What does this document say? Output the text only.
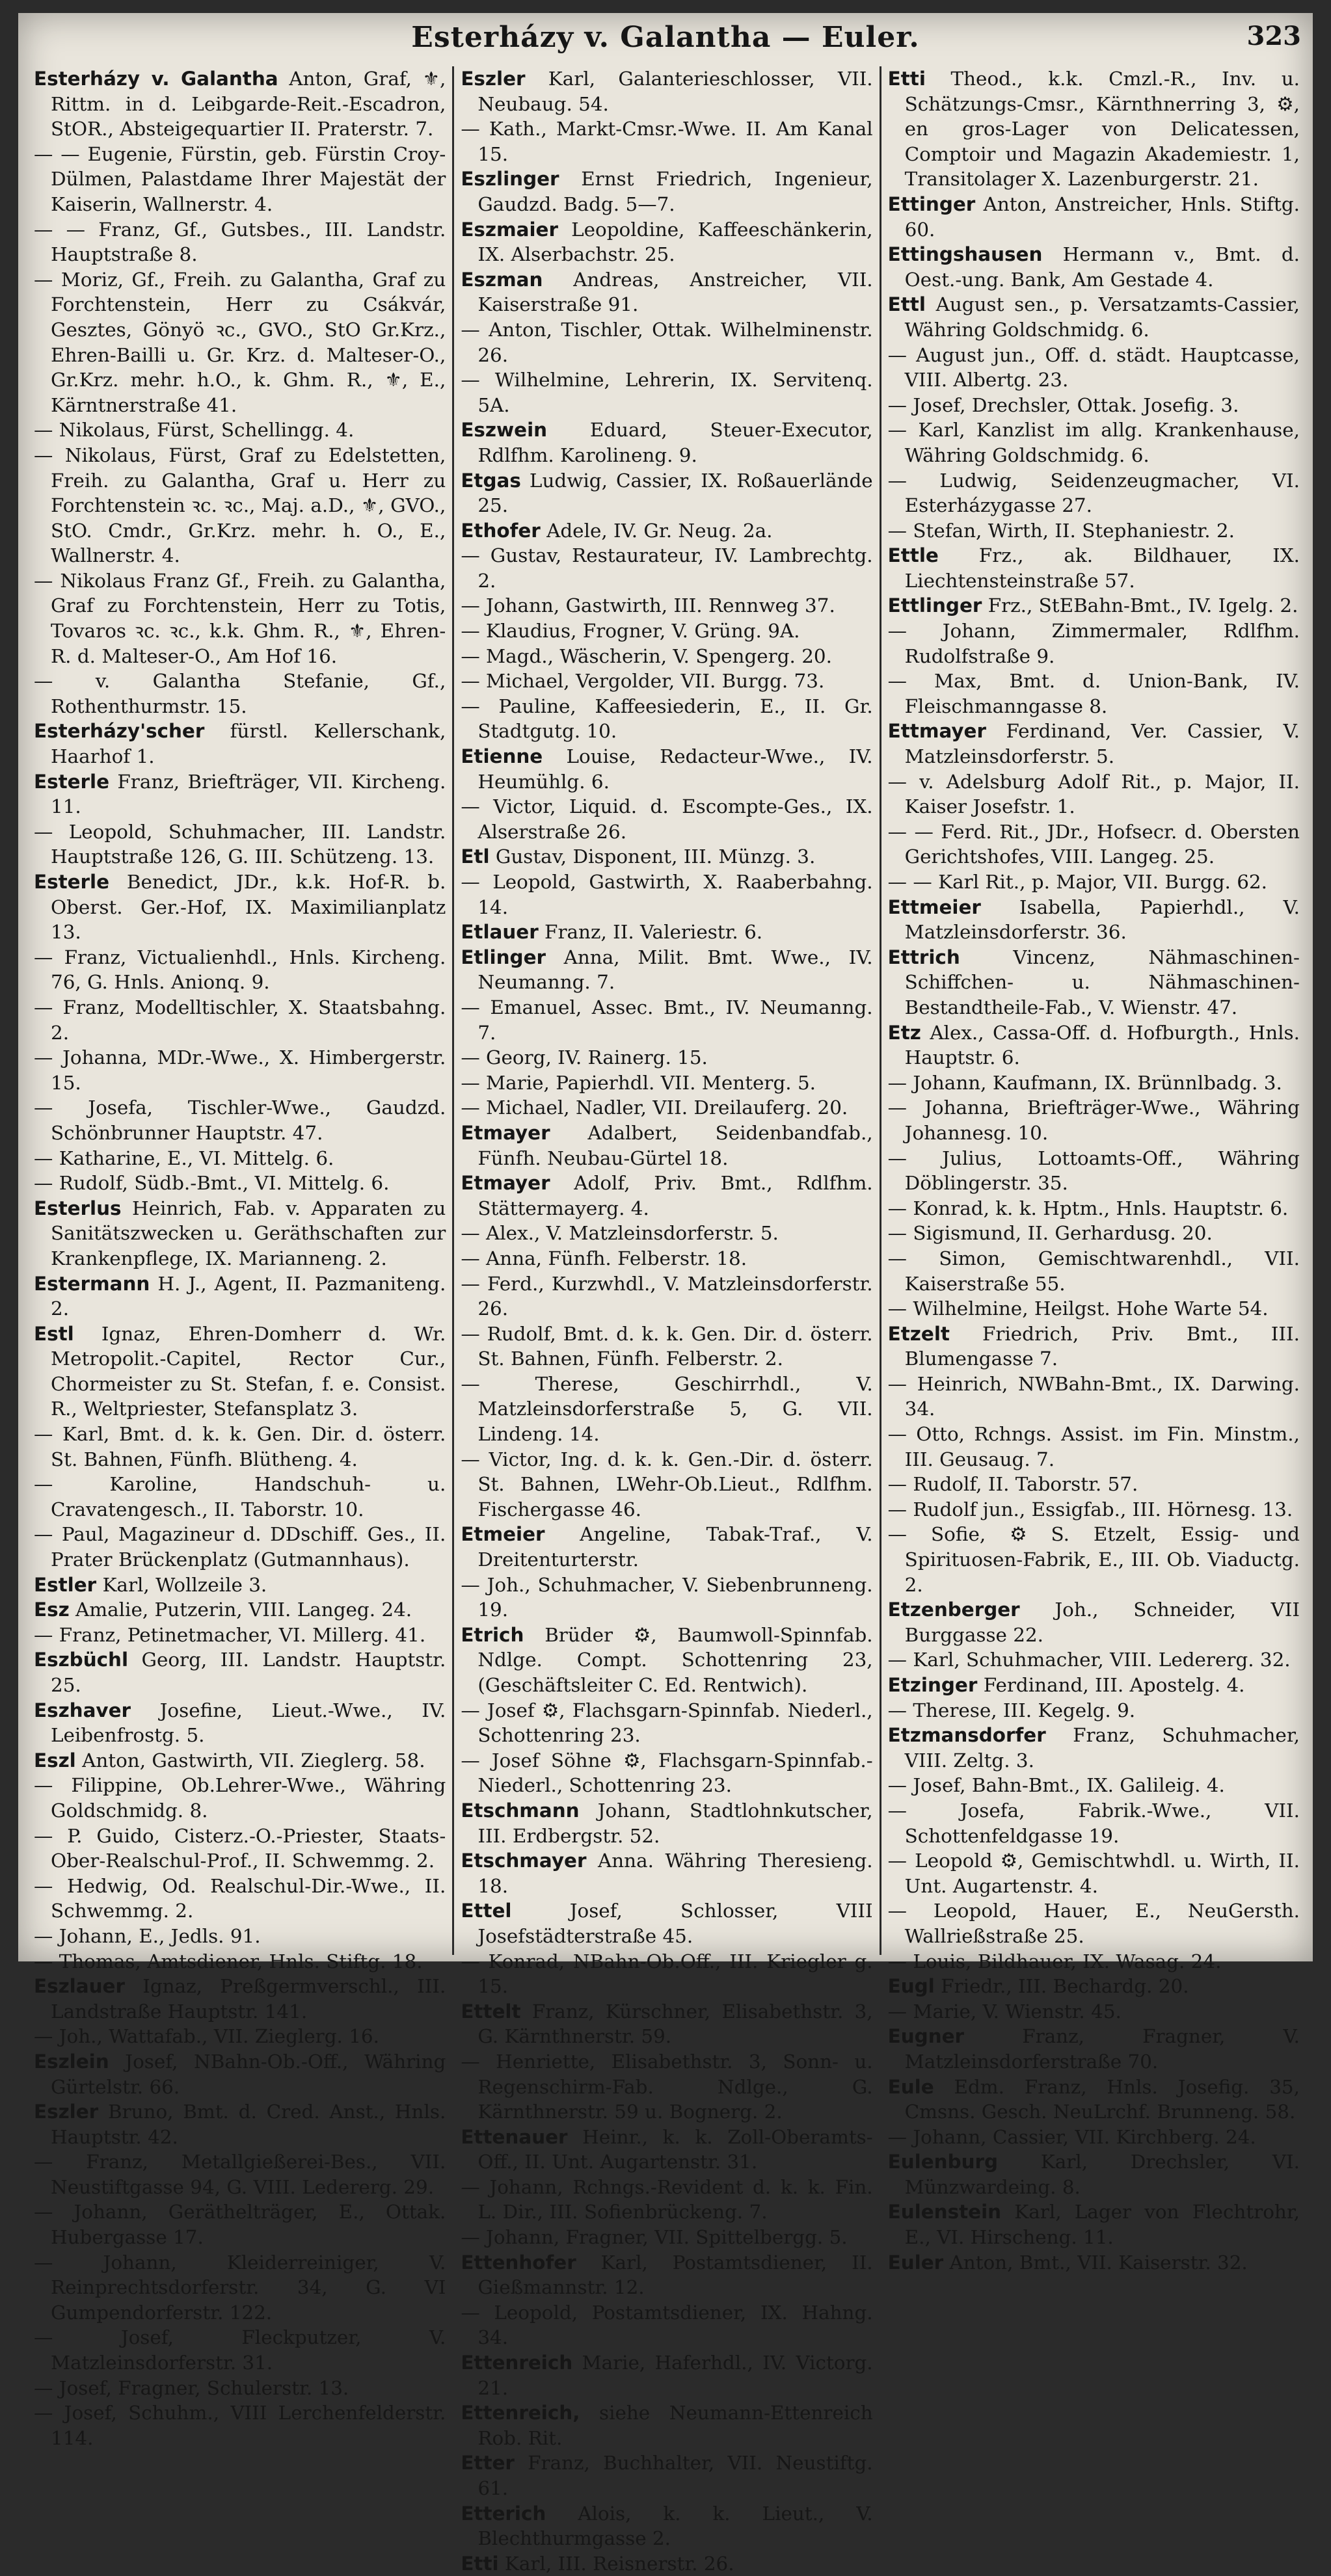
Esterházy v. Galantha — Euler.	323

Esterházy v. Galantha Anton, Graf, ⚜, Rittm. in d. Leibgarde-Reit.-Escadron, StOR., Absteigequartier II. Praterstr. 7.

— — Eugenie, Fürstin, geb. Fürstin Croy-Dülmen, Palastdame Ihrer Majestät der Kaiserin, Wallnerstr. 4.

— — Franz, Gf., Gutsbes., III. Landstr. Hauptstraße 8.

— Moriz, Gf., Freih. zu Galantha, Graf zu Forchtenstein, Herr zu Csákvár, Gesztes, Gönyö ꝛc., GVO., StO Gr.Krz., Ehren-Bailli u. Gr. Krz. d. Malteser-O., Gr.Krz. mehr. h.O., k. Ghm. R., ⚜, E., Kärntnerstraße 41.

— Nikolaus, Fürst, Schellingg. 4.

— Nikolaus, Fürst, Graf zu Edelstetten, Freih. zu Galantha, Graf u. Herr zu Forchtenstein ꝛc. ꝛc., Maj. a.D., ⚜, GVO., StO. Cmdr., Gr.Krz. mehr. h. O., E., Wallnerstr. 4.

— Nikolaus Franz Gf., Freih. zu Galantha, Graf zu Forchtenstein, Herr zu Totis, Tovaros ꝛc. ꝛc., k.k. Ghm. R., ⚜, Ehren-R. d. Malteser-O., Am Hof 16.

— v. Galantha Stefanie, Gf., Rothenthurmstr. 15.

Esterházy'scher fürstl. Kellerschank, Haarhof 1.

Esterle Franz, Briefträger, VII. Kircheng. 11.

— Leopold, Schuhmacher, III. Landstr. Hauptstraße 126, G. III. Schützeng. 13.

Esterle Benedict, JDr., k.k. Hof-R. b. Oberst. Ger.-Hof, IX. Maximilianplatz 13.

— Franz, Victualienhdl., Hnls. Kircheng. 76, G. Hnls. Anionq. 9.

— Franz, Modelltischler, X. Staatsbahng. 2.

— Johanna, MDr.-Wwe., X. Himbergerstr. 15.

— Josefa, Tischler-Wwe., Gaudzd. Schönbrunner Hauptstr. 47.

— Katharine, E., VI. Mittelg. 6.

— Rudolf, Südb.-Bmt., VI. Mittelg. 6.

Esterlus Heinrich, Fab. v. Apparaten zu Sanitätszwecken u. Geräthschaften zur Krankenpflege, IX. Marianneng. 2.

Estermann H. J., Agent, II. Pazmaniteng. 2.

Estl Ignaz, Ehren-Domherr d. Wr. Metropolit.-Capitel, Rector Cur., Chormeister zu St. Stefan, f. e. Consist. R., Weltpriester, Stefansplatz 3.

— Karl, Bmt. d. k. k. Gen. Dir. d. österr. St. Bahnen, Fünfh. Blütheng. 4.

— Karoline, Handschuh- u. Cravatengesch., II. Taborstr. 10.

— Paul, Magazineur d. DDschiff. Ges., II. Prater Brückenplatz (Gutmannhaus).

Estler Karl, Wollzeile 3.

Esz Amalie, Putzerin, VIII. Langeg. 24.

— Franz, Petinetmacher, VI. Millerg. 41.

Eszbüchl Georg, III. Landstr. Hauptstr. 25.

Eszhaver Josefine, Lieut.-Wwe., IV. Leibenfrostg. 5.

Eszl Anton, Gastwirth, VII. Zieglerg. 58.

— Filippine, Ob.Lehrer-Wwe., Währing Goldschmidg. 8.

— P. Guido, Cisterz.-O.-Priester, Staats-Ober-Realschul-Prof., II. Schwemmg. 2.

— Hedwig, Od. Realschul-Dir.-Wwe., II. Schwemmg. 2.

— Johann, E., Jedls. 91.

— Thomas, Amtsdiener, Hnls. Stiftg. 18.

Eszlauer Ignaz, Preßgermverschl., III. Landstraße Hauptstr. 141.

— Joh., Wattafab., VII. Zieglerg. 16.

Eszlein Josef, NBahn-Ob.-Off., Währing Gürtelstr. 66.

Eszler Bruno, Bmt. d. Cred. Anst., Hnls. Hauptstr. 42.

— Franz, Metallgießerei-Bes., VII. Neustiftgasse 94, G. VIII. Ledererg. 29.

— Johann, Geräthelträger, E., Ottak. Hubergasse 17.

— Johann, Kleiderreiniger, V. Reinprechtsdorferstr. 34, G. VI Gumpendorferstr. 122.

— Josef, Fleckputzer, V. Matzleinsdorferstr. 31.

— Josef, Fragner, Schulerstr. 13.

— Josef, Schuhm., VIII Lerchenfelderstr. 114.

Eszler Karl, Galanterieschlosser, VII. Neubaug. 54.

— Kath., Markt-Cmsr.-Wwe. II. Am Kanal 15.

Eszlinger Ernst Friedrich, Ingenieur, Gaudzd. Badg. 5—7.

Eszmaier Leopoldine, Kaffeeschänkerin, IX. Alserbachstr. 25.

Eszman Andreas, Anstreicher, VII. Kaiserstraße 91.

— Anton, Tischler, Ottak. Wilhelminenstr. 26.

— Wilhelmine, Lehrerin, IX. Servitenq. 5A.

Eszwein Eduard, Steuer-Executor, Rdlfhm. Karolineng. 9.

Etgas Ludwig, Cassier, IX. Roßauerlände 25.

Ethofer Adele, IV. Gr. Neug. 2a.

— Gustav, Restaurateur, IV. Lambrechtg. 2.

— Johann, Gastwirth, III. Rennweg 37.

— Klaudius, Frogner, V. Grüng. 9A.

— Magd., Wäscherin, V. Spengerg. 20.

— Michael, Vergolder, VII. Burgg. 73.

— Pauline, Kaffeesiederin, E., II. Gr. Stadtgutg. 10.

Etienne Louise, Redacteur-Wwe., IV. Heumühlg. 6.

— Victor, Liquid. d. Escompte-Ges., IX. Alserstraße 26.

Etl Gustav, Disponent, III. Münzg. 3.

— Leopold, Gastwirth, X. Raaberbahng. 14.

Etlauer Franz, II. Valeriestr. 6.

Etlinger Anna, Milit. Bmt. Wwe., IV. Neumanng. 7.

— Emanuel, Assec. Bmt., IV. Neumanng. 7.

— Georg, IV. Rainerg. 15.

— Marie, Papierhdl. VII. Menterg. 5.

— Michael, Nadler, VII. Dreilauferg. 20.

Etmayer Adalbert, Seidenbandfab., Fünfh. Neubau-Gürtel 18.

Etmayer Adolf, Priv. Bmt., Rdlfhm. Stättermayerg. 4.

— Alex., V. Matzleinsdorferstr. 5.

— Anna, Fünfh. Felberstr. 18.

— Ferd., Kurzwhdl., V. Matzleinsdorferstr. 26.

— Rudolf, Bmt. d. k. k. Gen. Dir. d. österr. St. Bahnen, Fünfh. Felberstr. 2.

— Therese, Geschirrhdl., V. Matzleinsdorferstraße 5, G. VII. Lindeng. 14.

— Victor, Ing. d. k. k. Gen.-Dir. d. österr. St. Bahnen, LWehr-Ob.Lieut., Rdlfhm. Fischergasse 46.

Etmeier Angeline, Tabak-Traf., V. Dreitenturterstr.

— Joh., Schuhmacher, V. Siebenbrunneng. 19.

Etrich Brüder ⚙, Baumwoll-Spinnfab. Ndlge. Compt. Schottenring 23, (Geschäftsleiter C. Ed. Rentwich).

— Josef ⚙, Flachsgarn-Spinnfab. Niederl., Schottenring 23.

— Josef Söhne ⚙, Flachsgarn-Spinnfab.-Niederl., Schottenring 23.

Etschmann Johann, Stadtlohnkutscher, III. Erdbergstr. 52.

Etschmayer Anna. Währing Theresieng. 18.

Ettel Josef, Schlosser, VIII Josefstädterstraße 45.

— Konrad, NBahn-Ob.Off., III. Kriegler g. 15.

Ettelt Franz, Kürschner, Elisabethstr. 3, G. Kärnthnerstr. 59.

— Henriette, Elisabethstr. 3, Sonn- u. Regenschirm-Fab. Ndlge., G. Kärnthnerstr. 59 u. Bognerg. 2.

Ettenauer Heinr., k. k. Zoll-Oberamts-Off., II. Unt. Augartenstr. 31.

— Johann, Rchngs.-Revident d. k. k. Fin. L. Dir., III. Sofienbrückeng. 7.

— Johann, Fragner, VII. Spittelbergg. 5.

Ettenhofer Karl, Postamtsdiener, II. Gießmannstr. 12.

— Leopold, Postamtsdiener, IX. Hahng. 34.

Ettenreich Marie, Haferhdl., IV. Victorg. 21.

Ettenreich, siehe Neumann-Ettenreich Rob. Rit.

Etter Franz, Buchhalter, VII. Neustiftg. 61.

Etterich Alois, k. k. Lieut., V. Blechthurmgasse 2.

Etti Karl, III. Reisnerstr. 26.

Etti Theod., k.k. Cmzl.-R., Inv. u. Schätzungs-Cmsr., Kärnthnerring 3, ⚙, en gros-Lager von Delicatessen, Comptoir und Magazin Akademiestr. 1, Transitolager X. Lazenburgerstr. 21.

Ettinger Anton, Anstreicher, Hnls. Stiftg. 60.

Ettingshausen Hermann v., Bmt. d. Oest.-ung. Bank, Am Gestade 4.

Ettl August sen., p. Versatzamts-Cassier, Währing Goldschmidg. 6.

— August jun., Off. d. städt. Hauptcasse, VIII. Albertg. 23.

— Josef, Drechsler, Ottak. Josefig. 3.

— Karl, Kanzlist im allg. Krankenhause, Währing Goldschmidg. 6.

— Ludwig, Seidenzeugmacher, VI. Esterházygasse 27.

— Stefan, Wirth, II. Stephaniestr. 2.

Ettle Frz., ak. Bildhauer, IX. Liechtensteinstraße 57.

Ettlinger Frz., StEBahn-Bmt., IV. Igelg. 2.

— Johann, Zimmermaler, Rdlfhm. Rudolfstraße 9.

— Max, Bmt. d. Union-Bank, IV. Fleischmanngasse 8.

Ettmayer Ferdinand, Ver. Cassier, V. Matzleinsdorferstr. 5.

— v. Adelsburg Adolf Rit., p. Major, II. Kaiser Josefstr. 1.

— — Ferd. Rit., JDr., Hofsecr. d. Obersten Gerichtshofes, VIII. Langeg. 25.

— — Karl Rit., p. Major, VII. Burgg. 62.

Ettmeier Isabella, Papierhdl., V. Matzleinsdorferstr. 36.

Ettrich Vincenz, Nähmaschinen-Schiffchen- u. Nähmaschinen-Bestandtheile-Fab., V. Wienstr. 47.

Etz Alex., Cassa-Off. d. Hofburgth., Hnls. Hauptstr. 6.

— Johann, Kaufmann, IX. Brünnlbadg. 3.

— Johanna, Briefträger-Wwe., Währing Johannesg. 10.

— Julius, Lottoamts-Off., Währing Döblingerstr. 35.

— Konrad, k. k. Hptm., Hnls. Hauptstr. 6.

— Sigismund, II. Gerhardusg. 20.

— Simon, Gemischtwarenhdl., VII. Kaiserstraße 55.

— Wilhelmine, Heilgst. Hohe Warte 54.

Etzelt Friedrich, Priv. Bmt., III. Blumengasse 7.

— Heinrich, NWBahn-Bmt., IX. Darwing. 34.

— Otto, Rchngs. Assist. im Fin. Minstm., III. Geusaug. 7.

— Rudolf, II. Taborstr. 57.

— Rudolf jun., Essigfab., III. Hörnesg. 13.

— Sofie, ⚙ S. Etzelt, Essig- und Spirituosen-Fabrik, E., III. Ob. Viaductg. 2.

Etzenberger Joh., Schneider, VII Burggasse 22.

— Karl, Schuhmacher, VIII. Ledererg. 32.

Etzinger Ferdinand, III. Apostelg. 4.

— Therese, III. Kegelg. 9.

Etzmansdorfer Franz, Schuhmacher, VIII. Zeltg. 3.

— Josef, Bahn-Bmt., IX. Galileig. 4.

— Josefa, Fabrik.-Wwe., VII. Schottenfeldgasse 19.

— Leopold ⚙, Gemischtwhdl. u. Wirth, II. Unt. Augartenstr. 4.

— Leopold, Hauer, E., NeuGersth. Wallrießstraße 25.

— Louis, Bildhauer, IX. Wasag. 24.

Eugl Friedr., III. Bechardg. 20.

— Marie, V. Wienstr. 45.

Eugner Franz, Fragner, V. Matzleinsdorferstraße 70.

Eule Edm. Franz, Hnls. Josefig. 35, Cmsns. Gesch. NeuLrchf. Brunneng. 58.

— Johann, Cassier, VII. Kirchberg. 24.

Eulenburg Karl, Drechsler, VI. Münzwardeing. 8.

Eulenstein Karl, Lager von Flechtrohr, E., VI. Hirscheng. 11.

Euler Anton, Bmt., VII. Kaiserstr. 32.
